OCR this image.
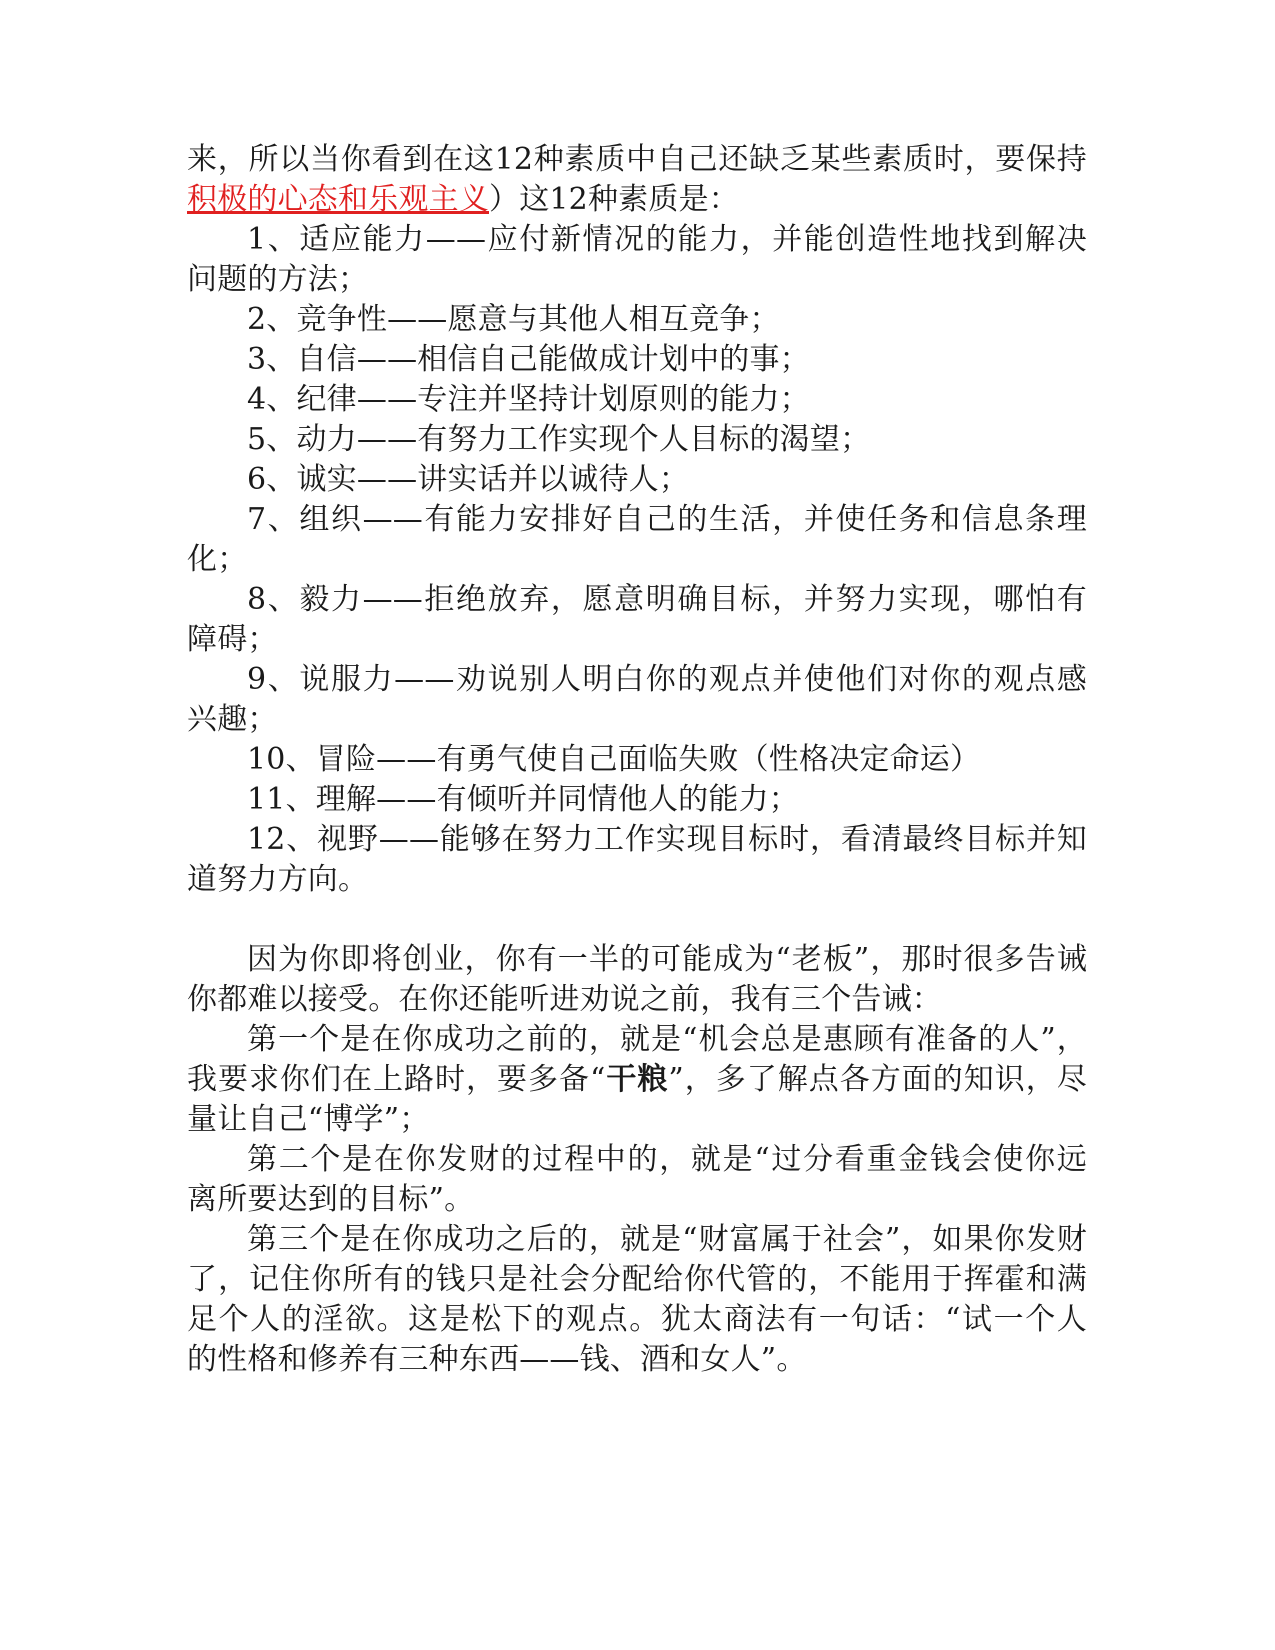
来，所以当你看到在这12种素质中自己还缺乏某些素质时，要保持
积极的心态和乐观主义）这12种素质是：
1、适应能力——应付新情况的能力，并能创造性地找到解决
问题的方法；
2、竞争性——愿意与其他人相互竞争；
3、自信——相信自己能做成计划中的事；
4、纪律——专注并坚持计划原则的能力；
5、动力——有努力工作实现个人目标的渴望；
6、诚实——讲实话并以诚待人；
7、组织——有能力安排好自己的生活，并使任务和信息条理
化；
8、毅力——拒绝放弃，愿意明确目标，并努力实现，哪怕有
障碍；
9、说服力——劝说别人明白你的观点并使他们对你的观点感
兴趣；
10、冒险——有勇气使自己面临失败（性格决定命运）
11、理解——有倾听并同情他人的能力；
12、视野——能够在努力工作实现目标时，看清最终目标并知
道努力方向。
因为你即将创业，你有一半的可能成为“老板”，那时很多告诫
你都难以接受。在你还能听进劝说之前，我有三个告诫：
第一个是在你成功之前的，就是“机会总是惠顾有准备的人”，
我要求你们在上路时，要多备“干粮”，多了解点各方面的知识，尽
量让自己“博学”；
第二个是在你发财的过程中的，就是“过分看重金钱会使你远
离所要达到的目标”。
第三个是在你成功之后的，就是“财富属于社会”，如果你发财
了，记住你所有的钱只是社会分配给你代管的，不能用于挥霍和满
足个人的淫欲。这是松下的观点。犹太商法有一句话：“试一个人
的性格和修养有三种东西——钱、酒和女人”。
